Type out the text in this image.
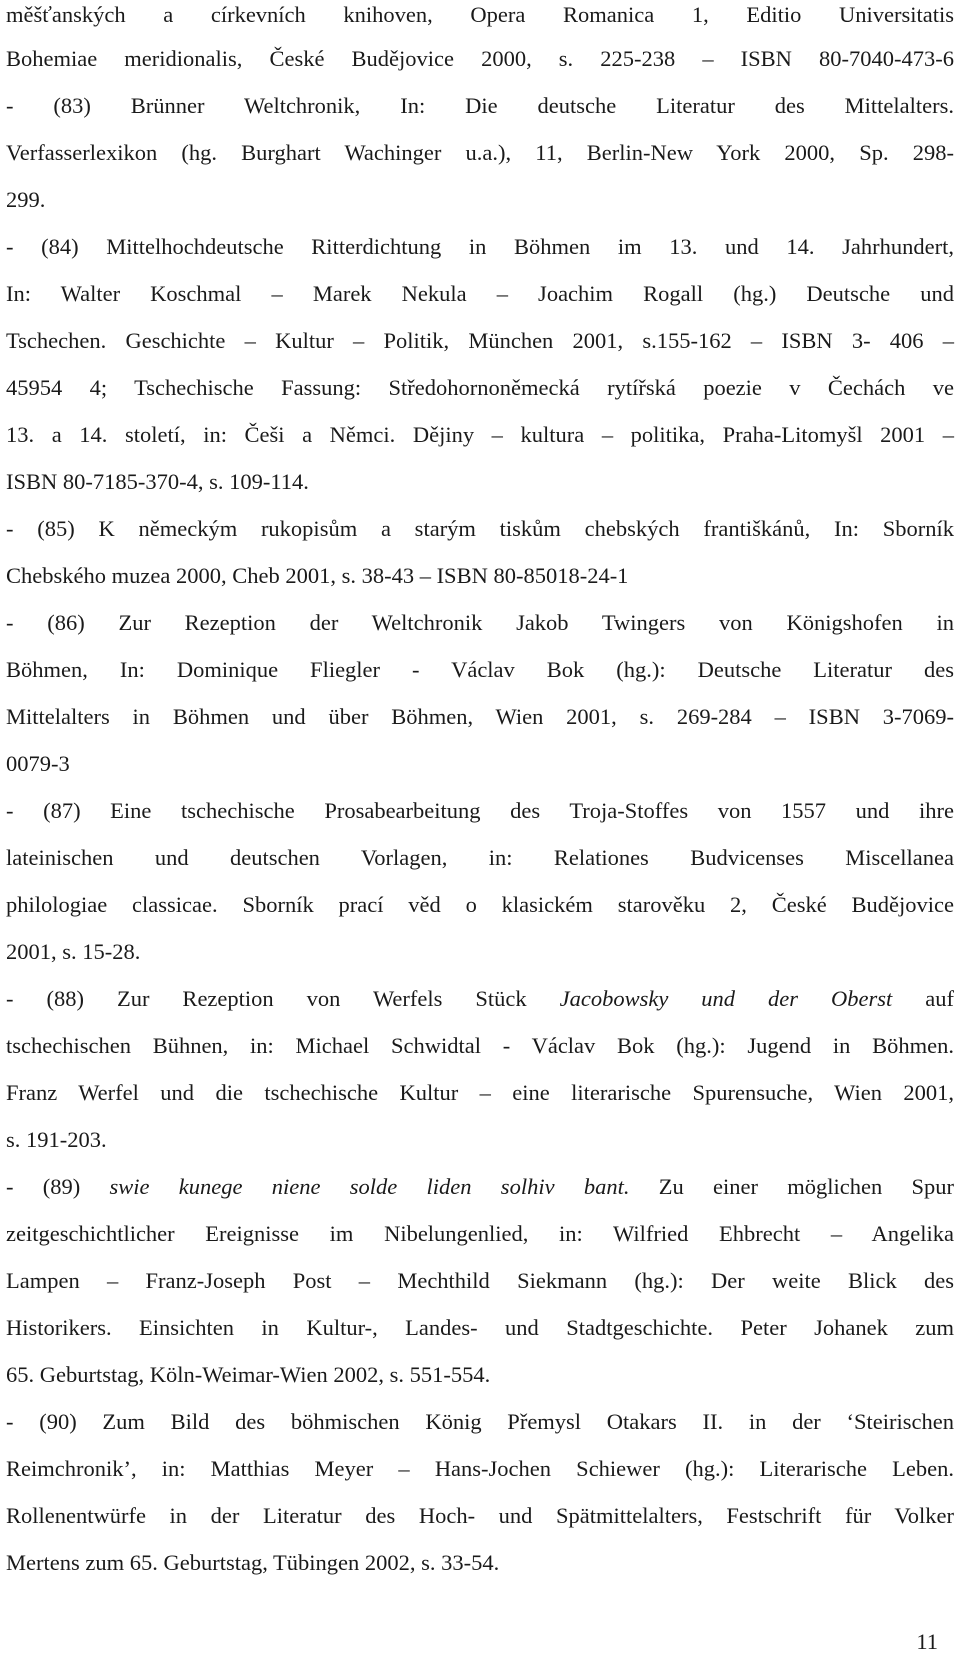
měšťanských a církevních knihoven, Opera Romanica 1, Editio Universitatis
Bohemiae meridionalis, České Budějovice 2000, s. 225-238 – ISBN 80-7040-473-6
- (83) Brünner Weltchronik, In: Die deutsche Literatur des Mittelalters.
Verfasserlexikon (hg. Burghart Wachinger u.a.), 11, Berlin-New York 2000, Sp. 298-
299.
- (84) Mittelhochdeutsche Ritterdichtung in Böhmen im 13. und 14. Jahrhundert,
In: Walter Koschmal – Marek Nekula – Joachim Rogall (hg.) Deutsche und
Tschechen. Geschichte – Kultur – Politik, München 2001, s.155-162 – ISBN 3- 406 –
45954 4; Tschechische Fassung: Středohornoněmecká rytířská poezie v Čechách ve
13. a 14. století, in: Češi a Němci. Dějiny – kultura – politika, Praha-Litomyšl 2001 –
ISBN 80-7185-370-4, s. 109-114.
- (85) K německým rukopisům a starým tiskům chebských františkánů, In: Sborník
Chebského muzea 2000, Cheb 2001, s. 38-43 – ISBN 80-85018-24-1
- (86) Zur Rezeption der Weltchronik Jakob Twingers von Königshofen in
Böhmen, In: Dominique Fliegler - Václav Bok (hg.): Deutsche Literatur des
Mittelalters in Böhmen und über Böhmen, Wien 2001, s. 269-284 – ISBN 3-7069-
0079-3
- (87) Eine tschechische Prosabearbeitung des Troja-Stoffes von 1557 und ihre
lateinischen und deutschen Vorlagen, in: Relationes Budvicenses Miscellanea
philologiae classicae. Sborník prací věd o klasickém starověku 2, České Budějovice
2001, s. 15-28.
- (88) Zur Rezeption von Werfels Stück Jacobowsky und der Oberst auf
tschechischen Bühnen, in: Michael Schwidtal - Václav Bok (hg.): Jugend in Böhmen.
Franz Werfel und die tschechische Kultur – eine literarische Spurensuche, Wien 2001,
s. 191-203.
- (89) swie kunege niene solde liden solhiv bant. Zu einer möglichen Spur
zeitgeschichtlicher Ereignisse im Nibelungenlied, in: Wilfried Ehbrecht – Angelika
Lampen – Franz-Joseph Post – Mechthild Siekmann (hg.): Der weite Blick des
Historikers. Einsichten in Kultur-, Landes- und Stadtgeschichte. Peter Johanek zum
65. Geburtstag, Köln-Weimar-Wien 2002, s. 551-554.
- (90) Zum Bild des böhmischen König Přemysl Otakars II. in der ‘Steirischen
Reimchronik’, in: Matthias Meyer – Hans-Jochen Schiewer (hg.): Literarische Leben.
Rollenentwürfe in der Literatur des Hoch- und Spätmittelalters, Festschrift für Volker
Mertens zum 65. Geburtstag, Tübingen 2002, s. 33-54.
11
